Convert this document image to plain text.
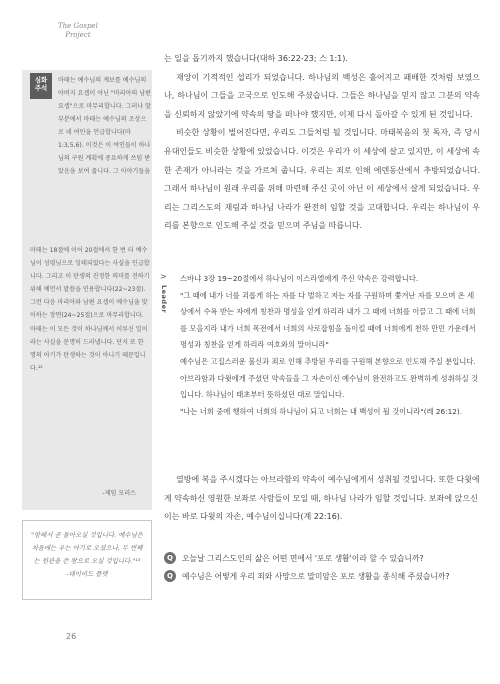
The Gospel
Project
심화
주석
마태는 예수님의 계보를 예수님의 아버지 요셉이 아닌 "마리아의 남편 요셉"으로 마무리합니다. 그러나 앞부분에서 마태는 예수님의 조상으로 네 여인을 언급합니다(마 1:3,5,6). 이것은 이 여인들이 하나님의 구원 계획에 중요하게 쓰임 받았음을 보여 줍니다. 그 이야기들을
마태는 18절에 이어 20절에서 한 번 더 예수님이 성령님으로 잉태되었다는 사실을 인급합니다. 그리고 이 탄생의 진정한 의미를 전하기 위해 예언서 말씀을 인용합니다(22~23절). 그런 다음 마리아와 남편 요셉이 예수님을 맞이하는 장면(24~25절)으로 마무리합니다. 마태는 이 모든 것이 하나님께서 이루신 일이라는 사실을 분명히 드러냅니다. 단지 또 한 명의 아기가 탄생하는 것이 아니기 때문입니다.¹²
-제임 모러스
"항해서 곧 돌아오실 것입니다. 예수님은 처음에는 우는 아기로 오셨으나, 두 번째는 원관을 쓴 왕으로 오실 것입니다."¹³
-데이비드 플랫

는 일을 돕기까지 했습니다(대하 36:22-23; 스 1:1).

재앙이 기적적인 섭리가 되었습니다. 하나님의 백성은 흩어지고 패배한 것처럼 보였으나, 하나님이 그들을 고국으로 인도해 주셨습니다. 그들은 하나님을 믿지 않고 그분의 약속을 신뢰하지 않았기에 약속의 땅을 떠나야 했지만, 이제 다시 돌아갈 수 있게 된 것입니다.

비슷한 상황이 벌어진다면, 우리도 그들처럼 될 것입니다. 마태복음의 첫 독자, 즉 당시 유대인들도 비슷한 상황에 있었습니다. 이것은 우리가 이 세상에 살고 있지만, 이 세상에 속한 존재가 아니라는 것을 가르쳐 줍니다. 우리는 죄로 인해 에덴동산에서 추방되었습니다. 그래서 하나님이 원래 우리를 위해 마련해 주신 곳이 아닌 이 세상에서 살게 되었습니다. 우리는 그리스도의 재림과 하나님 나라가 완전히 임할 것을 고대합니다. 우리는 하나님이 우리를 본향으로 인도해 주실 것을 믿으며 주님을 따릅니다.

>
Leader
스바냐 3장 19~20절에서 하나님이 이스라엘에게 주신 약속은 강력합니다.
"그 때에 내가 너를 괴롭게 하는 자를 다 벌하고 저는 자를 구원하며 쫓겨난 자를 모으며 온 세상에서 수욕 받는 자에게 칭찬과 명성을 얻게 하리라 내가 그 때에 너희를 이끌고 그 때에 너희를 모을지라 내가 너희 목전에서 너희의 사로잡힘을 돌이킬 때에 너희에게 천하 만민 가운데서 명성과 칭찬을 얻게 하리라 여호와의 말이니라"
예수님은 고집스러운 불신과 죄로 인해 추방된 우리를 구원해 본향으로 인도해 주실 분입니다. 아브라함과 다윗에게 주셨던 약속들을 그 자손이신 예수님이 완전하고도 완벽하게 성취하실 것입니다. 하나님이 태초부터 뜻하셨던 대로 말입니다.
"나는 너희 중에 행하여 너희의 하나님이 되고 너희는 내 백성이 될 것이니라"(레 26:12).

열방에 복을 주시겠다는 아브라함의 약속이 예수님에게서 성취될 것입니다. 또한 다윗에게 약속하신 영원한 보좌로 사람들이 모일 때, 하나님 나라가 임할 것입니다. 보좌에 앉으신 이는 바로 다윗의 자손, 예수님이십니다(계 22:16).

Q	오늘날 그리스도인의 삶은 어떤 면에서 '포로 생활'이라 할 수 있습니까?
Q	예수님은 어떻게 우리 죄와 사망으로 말미암은 포로 생활을 종식해 주셨습니까?
26
